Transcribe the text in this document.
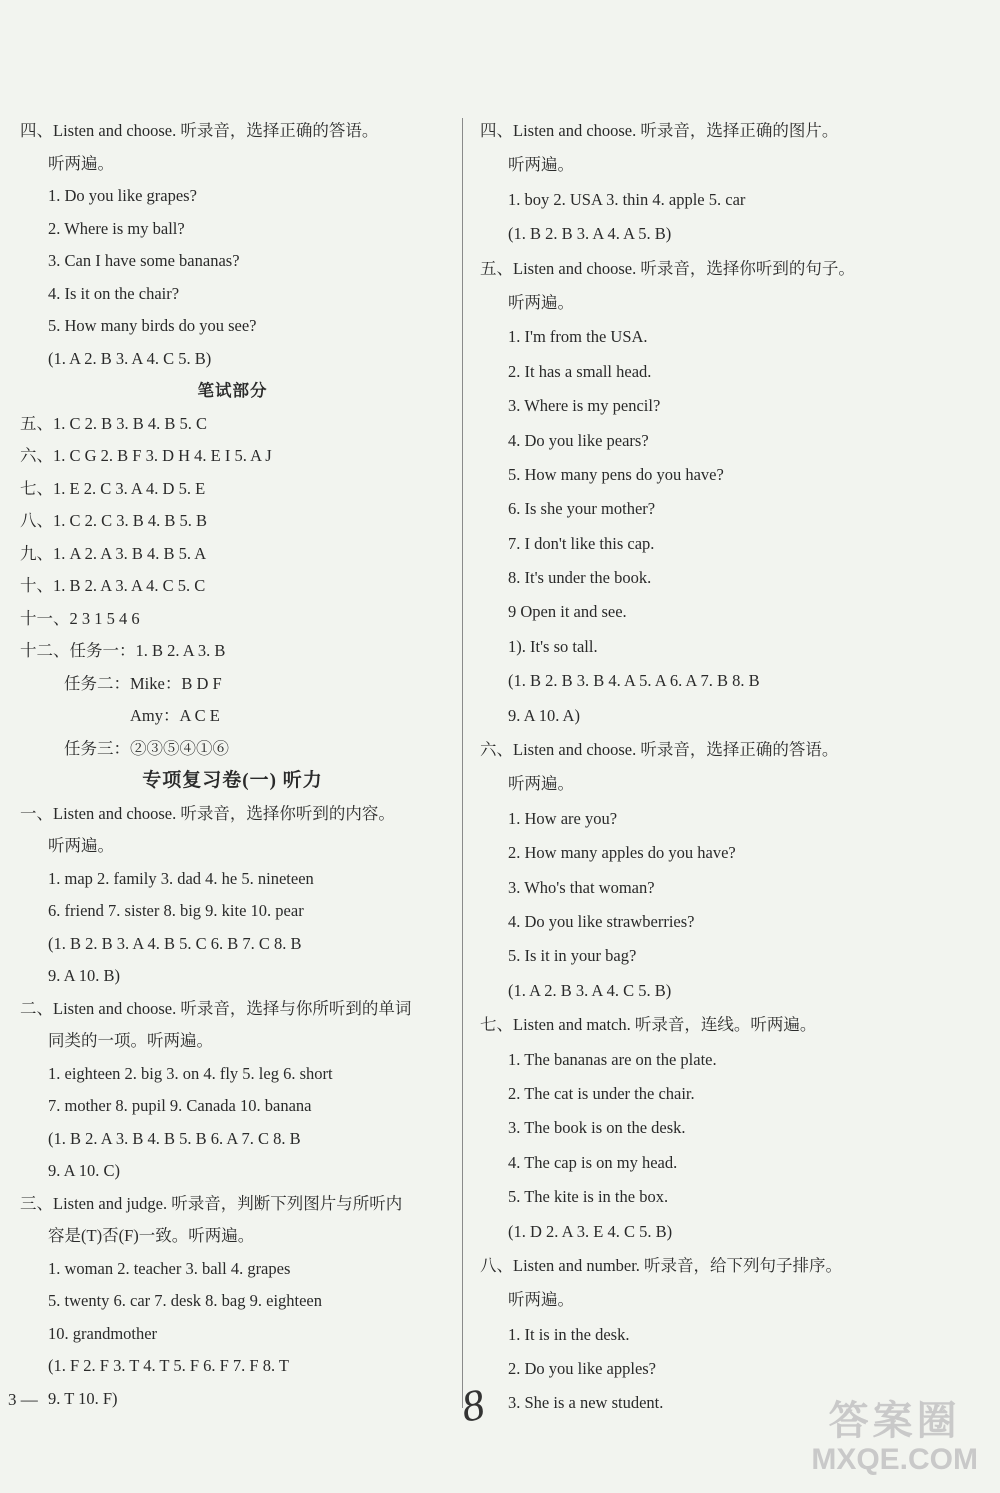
四、Listen and choose. 听录音，选择正确的答语。
听两遍。
1. Do you like grapes?
2. Where is my ball?
3. Can I have some bananas?
4. Is it on the chair?
5. How many birds do you see?
(1. A 2. B 3. A 4. C 5. B)
笔试部分
五、1. C 2. B 3. B 4. B 5. C
六、1. C G 2. B F 3. D H 4. E I 5. A J
七、1. E 2. C 3. A 4. D 5. E
八、1. C 2. C 3. B 4. B 5. B
九、1. A 2. A 3. B 4. B 5. A
十、1. B 2. A 3. A 4. C 5. C
十一、2 3 1 5 4 6
十二、任务一：1. B 2. A 3. B
任务二：Mike：B D F
Amy：A C E
任务三：②③⑤④①⑥
专项复习卷(一) 听力
一、Listen and choose. 听录音，选择你听到的内容。
听两遍。
1. map 2. family 3. dad 4. he 5. nineteen
6. friend 7. sister 8. big 9. kite 10. pear
(1. B 2. B 3. A 4. B 5. C 6. B 7. C 8. B
9. A 10. B)
二、Listen and choose. 听录音，选择与你所听到的单词
同类的一项。听两遍。
1. eighteen 2. big 3. on 4. fly 5. leg 6. short
7. mother 8. pupil 9. Canada 10. banana
(1. B 2. A 3. B 4. B 5. B 6. A 7. C 8. B
9. A 10. C)
三、Listen and judge. 听录音，判断下列图片与所听内
容是(T)否(F)一致。听两遍。
1. woman 2. teacher 3. ball 4. grapes
5. twenty 6. car 7. desk 8. bag 9. eighteen
10. grandmother
(1. F 2. F 3. T 4. T 5. F 6. F 7. F 8. T
9. T 10. F)
四、Listen and choose. 听录音，选择正确的图片。
听两遍。
1. boy 2. USA 3. thin 4. apple 5. car
(1. B 2. B 3. A 4. A 5. B)
五、Listen and choose. 听录音，选择你听到的句子。
听两遍。
1. I'm from the USA.
2. It has a small head.
3. Where is my pencil?
4. Do you like pears?
5. How many pens do you have?
6. Is she your mother?
7. I don't like this cap.
8. It's under the book.
9 Open it and see.
1). It's so tall.
(1. B 2. B 3. B 4. A 5. A 6. A 7. B 8. B
9. A 10. A)
六、Listen and choose. 听录音，选择正确的答语。
听两遍。
1. How are you?
2. How many apples do you have?
3. Who's that woman?
4. Do you like strawberries?
5. Is it in your bag?
(1. A 2. B 3. A 4. C 5. B)
七、Listen and match. 听录音，连线。听两遍。
1. The bananas are on the plate.
2. The cat is under the chair.
3. The book is on the desk.
4. The cap is on my head.
5. The kite is in the box.
(1. D 2. A 3. E 4. C 5. B)
八、Listen and number. 听录音，给下列句子排序。
听两遍。
1. It is in the desk.
2. Do you like apples?
3. She is a new student.
3 —	8	答案圈
MXQE.COM
